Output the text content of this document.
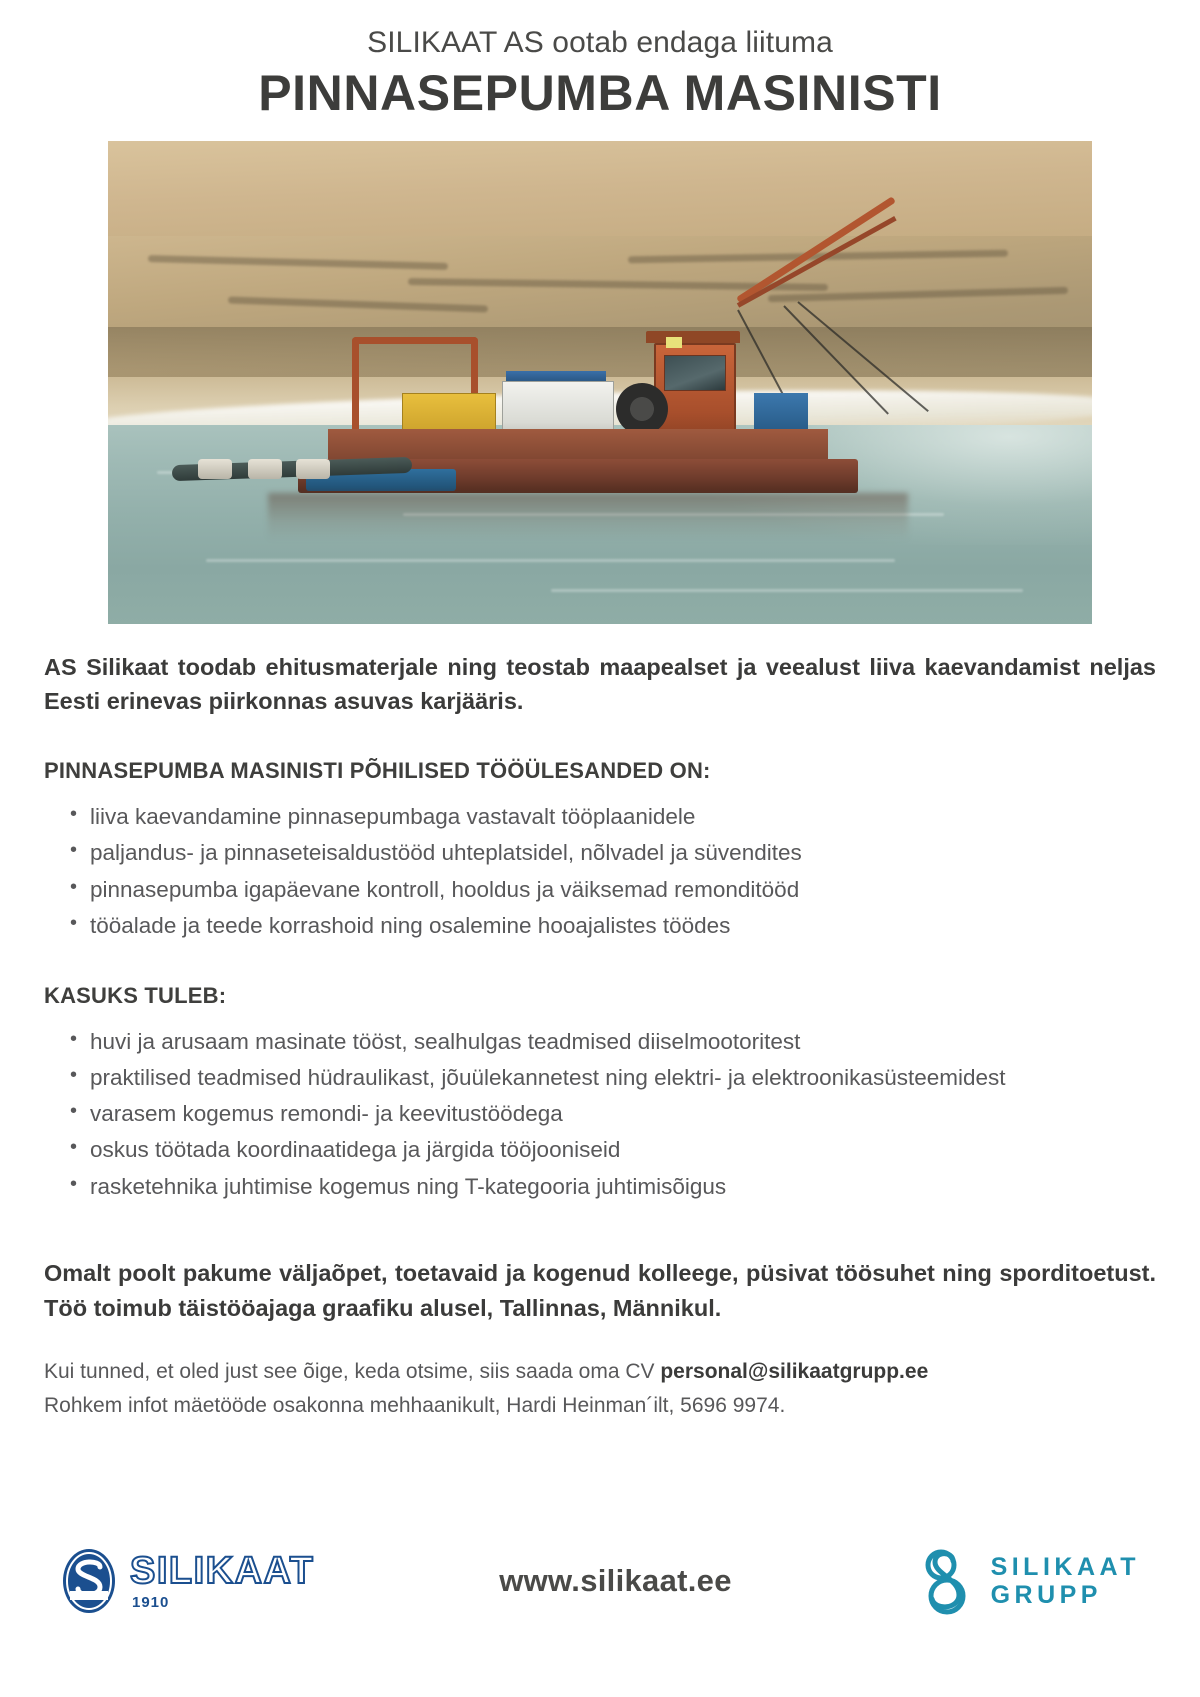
SILIKAAT AS ootab endaga liituma

PINNASEPUMBA MASINISTI

AS Silikaat toodab ehitusmaterjale ning teostab maapealset ja veealust liiva kaevandamist neljas Eesti erinevas piirkonnas asuvas karjääris.

PINNASEPUMBA MASINISTI PÕHILISED TÖÖÜLESANDED ON:
• liiva kaevandamine pinnasepumbaga vastavalt tööplaanidele
• paljandus- ja pinnaseteisaldustööd uhteplatsidel, nõlvadel ja süvendites
• pinnasepumba igapäevane kontroll, hooldus ja väiksemad remonditööd
• tööalade ja teede korrashoid ning osalemine hooajalistes töödes
KASUKS TULEB:
• huvi ja arusaam masinate tööst, sealhulgas teadmised diiselmootoritest
• praktilised teadmised hüdraulikast, jõuülekannetest ning elektri- ja elektroonikasüsteemidest
• varasem kogemus remondi- ja keevitustöödega
• oskus töötada koordinaatidega ja järgida tööjooniseid
• rasketehnika juhtimise kogemus ning T-kategooria juhtimisõigus

Omalt poolt pakume väljaõpet, toetavaid ja kogenud kolleege, püsivat töösuhet ning sporditoetust. Töö toimub täistööajaga graafiku alusel, Tallinnas, Männikul.

Kui tunned, et oled just see õige, keda otsime, siis saada oma CV personal@silikaatgrupp.ee
Rohkem infot mäetööde osakonna mehhaanikult, Hardi Heinman´ilt, 5696 9974.

SILIKAAT
1910
www.silikaat.ee	SILIKAAT
GRUPP
